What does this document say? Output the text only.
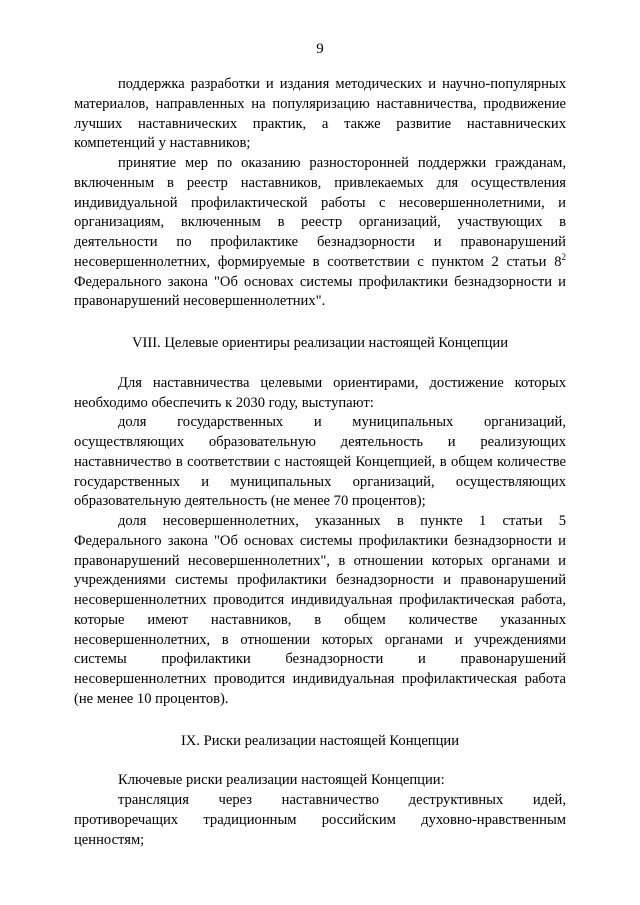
9

поддержка разработки и издания методических и научно-популярных материалов, направленных на популяризацию наставничества, продвижение лучших наставнических практик, а также развитие наставнических компетенций у наставников;

принятие мер по оказанию разносторонней поддержки гражданам, включенным в реестр наставников, привлекаемых для осуществления индивидуальной профилактической работы с несовершеннолетними, и организациям, включенным в реестр организаций, участвующих в деятельности по профилактике безнадзорности и правонарушений несовершеннолетних, формируемые в соответствии с пунктом 2 статьи $8^2$ Федерального закона "Об основах системы профилактики безнадзорности и правонарушений несовершеннолетних".

VIII. Целевые ориентиры реализации настоящей Концепции

Для наставничества целевыми ориентирами, достижение которых необходимо обеспечить к 2030 году, выступают:

доля государственных и муниципальных организаций, осуществляющих образовательную деятельность и реализующих наставничество в соответствии с настоящей Концепцией, в общем количестве государственных и муниципальных организаций, осуществляющих образовательную деятельность (не менее 70 процентов);

доля несовершеннолетних, указанных в пункте 1 статьи 5 Федерального закона "Об основах системы профилактики безнадзорности и правонарушений несовершеннолетних", в отношении которых органами и учреждениями системы профилактики безнадзорности и правонарушений несовершеннолетних проводится индивидуальная профилактическая работа, которые имеют наставников, в общем количестве указанных несовершеннолетних, в отношении которых органами и учреждениями системы профилактики безнадзорности и правонарушений несовершеннолетних проводится индивидуальная профилактическая работа (не менее 10 процентов).

IX. Риски реализации настоящей Концепции

Ключевые риски реализации настоящей Концепции:

трансляция через наставничество деструктивных идей, противоречащих традиционным российским духовно-нравственным ценностям;
